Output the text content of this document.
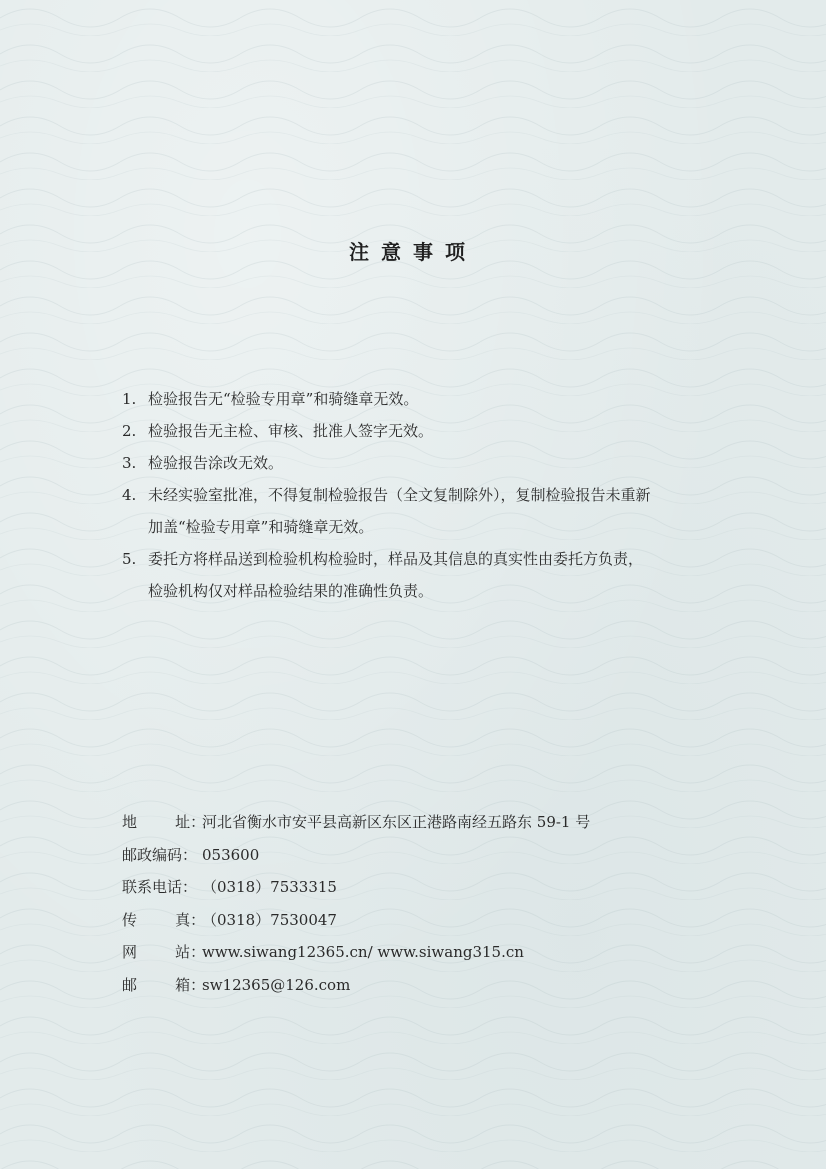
注意事项
1. 检验报告无“检验专用章”和骑缝章无效。
2. 检验报告无主检、审核、批准人签字无效。
3. 检验报告涂改无效。
4. 未经实验室批准，不得复制检验报告（全文复制除外），复制检验报告未重新
加盖“检验专用章”和骑缝章无效。
5. 委托方将样品送到检验机构检验时，样品及其信息的真实性由委托方负责，
检验机构仅对样品检验结果的准确性负责。
地        址：
河北省衡水市安平县高新区东区正港路南经五路东 59-1 号
邮政编码： 053600
联系电话： （0318）7533315
传        真：
（0318）7530047
网        站：
www.siwang12365.cn/ www.siwang315.cn
邮        箱：
sw12365@126.com
